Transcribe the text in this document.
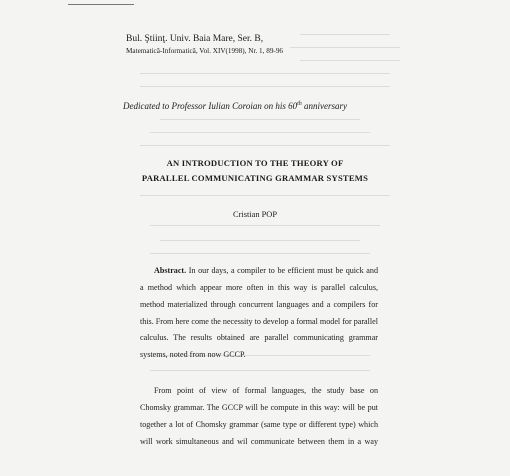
Bul. Ştiinţ. Univ. Baia Mare, Ser. B,
Matematică-Informatică, Vol. XIV(1998), Nr. 1, 89-96
Dedicated to Professor Iulian Coroian on his 60th anniversary
AN INTRODUCTION TO THE THEORY OF
PARALLEL COMMUNICATING GRAMMAR SYSTEMS
Cristian POP
Abstract. In our days, a compiler to be efficient must be quick and
a method which appear more often in this way is parallel calculus,
method materialized through concurrent languages and a compilers for
this. From here come the necessity to develop a formal model for parallel
calculus. The results obtained are parallel communicating grammar
systems, noted from now GCCP.
From point of view of formal languages, the study base on
Chomsky grammar. The GCCP will be compute in this way: will be put
together a lot of Chomsky grammar (same type or different type) which
will work simultaneous and wil communicate between them in a way
